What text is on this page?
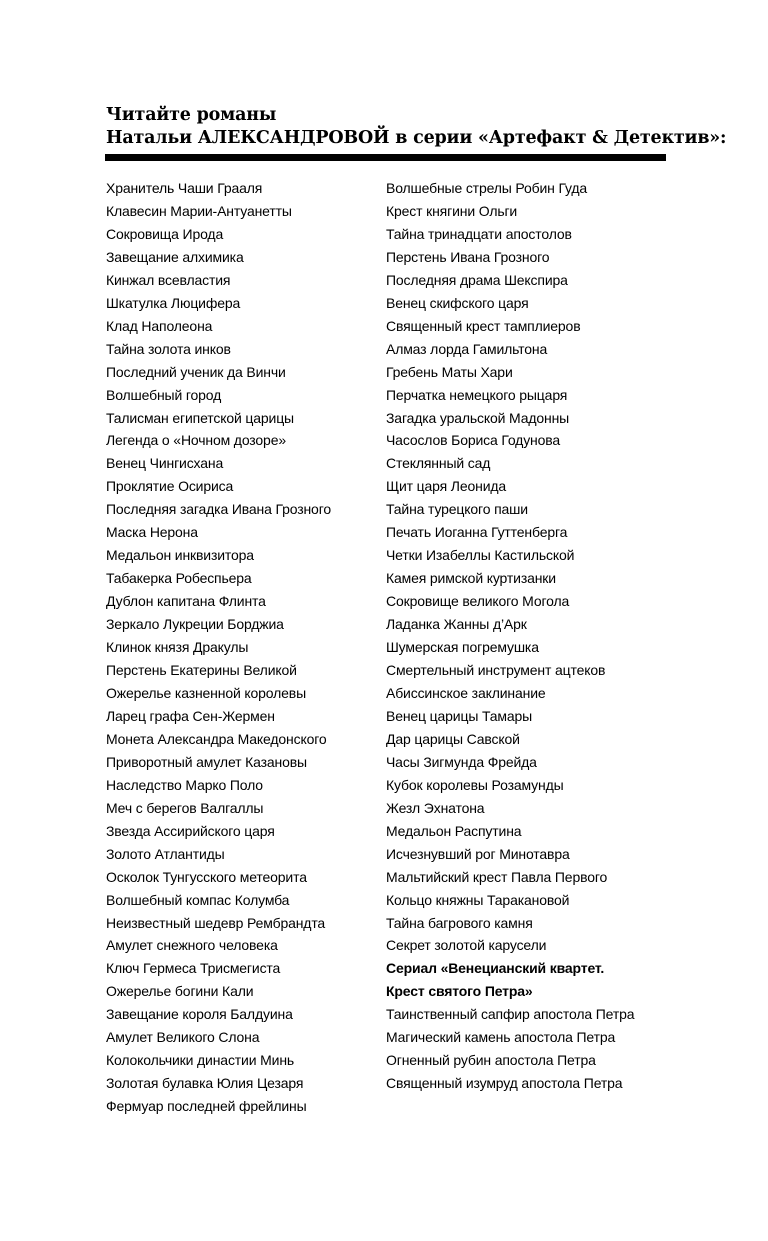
Читайте романы
Натальи АЛЕКСАНДРОВОЙ в серии «Артефакт & Детектив»:
Хранитель Чаши Грааля
Клавесин Марии-Антуанетты
Сокровища Ирода
Завещание алхимика
Кинжал всевластия
Шкатулка Люцифера
Клад Наполеона
Тайна золота инков
Последний ученик да Винчи
Волшебный город
Талисман египетской царицы
Легенда о «Ночном дозоре»
Венец Чингисхана
Проклятие Осириса
Последняя загадка Ивана Грозного
Маска Нерона
Медальон инквизитора
Табакерка Робеспьера
Дублон капитана Флинта
Зеркало Лукреции Борджиа
Клинок князя Дракулы
Перстень Екатерины Великой
Ожерелье казненной королевы
Ларец графа Сен-Жермен
Монета Александра Македонского
Приворотный амулет Казановы
Наследство Марко Поло
Меч с берегов Валгаллы
Звезда Ассирийского царя
Золото Атлантиды
Осколок Тунгусского метеорита
Волшебный компас Колумба
Неизвестный шедевр Рембрандта
Амулет снежного человека
Ключ Гермеса Трисмегиста
Ожерелье богини Кали
Завещание короля Балдуина
Амулет Великого Слона
Колокольчики династии Минь
Золотая булавка Юлия Цезаря
Фермуар последней фрейлины
Волшебные стрелы Робин Гуда
Крест княгини Ольги
Тайна тринадцати апостолов
Перстень Ивана Грозного
Последняя драма Шекспира
Венец скифского царя
Священный крест тамплиеров
Алмаз лорда Гамильтона
Гребень Маты Хари
Перчатка немецкого рыцаря
Загадка уральской Мадонны
Часослов Бориса Годунова
Стеклянный сад
Щит царя Леонида
Тайна турецкого паши
Печать Иоганна Гуттенберга
Четки Изабеллы Кастильской
Камея римской куртизанки
Сокровище великого Могола
Ладанка Жанны д’Арк
Шумерская погремушка
Смертельный инструмент ацтеков
Абиссинское заклинание
Венец царицы Тамары
Дар царицы Савской
Часы Зигмунда Фрейда
Кубок королевы Розамунды
Жезл Эхнатона
Медальон Распутина
Исчезнувший рог Минотавра
Мальтийский крест Павла Первого
Кольцо княжны Таракановой
Тайна багрового камня
Секрет золотой карусели
Сериал «Венецианский квартет.
Крест святого Петра»
Таинственный сапфир апостола Петра
Магический камень апостола Петра
Огненный рубин апостола Петра
Священный изумруд апостола Петра
